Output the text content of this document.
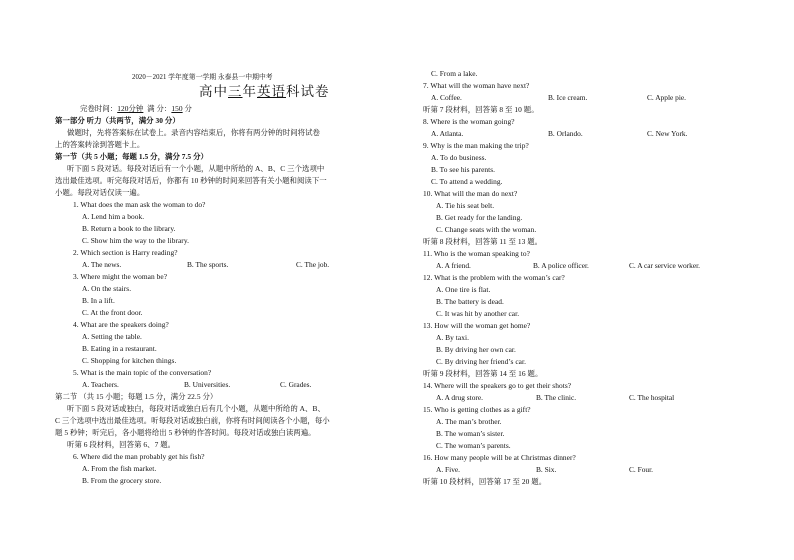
2020－2021 学年度第一学期 永泰县一中期中考
高中三年英语科试卷
完卷时间：120分钟 满 分：150 分
第一部分 听力（共两节，满分 30 分）
做题时，先将答案标在试卷上。录音内容结束后，你将有两分钟的时间将试卷
上的答案转涂到答题卡上。
第一节（共 5 小题；每题 1.5 分，满分 7.5 分）
听下面 5 段对话。每段对话后有一个小题，从题中所给的 A、B、C 三个选项中
选出最佳选项。听完每段对话后，你都有 10 秒钟的时间来回答有关小题和阅读下一
小题。每段对话仅读一遍。
1. What does the man ask the woman to do?
A. Lend him a book.
B. Return a book to the library.
C. Show him the way to the library.
2. Which section is Harry reading?
A. The news.	B. The sports.	C. The job.
3. Where might the woman be?
A. On the stairs.
B. In a lift.
C. At the front door.
4. What are the speakers doing?
A. Setting the table.
B. Eating in a restaurant.
C. Shopping for kitchen things.
5. What is the main topic of the conversation?
A. Teachers.	B. Universities.	C. Grades.
第二节 （共 15 小题；每题 1.5 分，满分 22.5 分）
听下面 5 段对话或独白，每段对话或独白后有几个小题，从题中所给的 A、B、
C 三个选项中选出最佳选项。听每段对话或独白前，你将有时间阅读各个小题，每小
题 5 秒钟；听完后，各小题将给出 5 秒钟的作答时间。每段对话或独白读两遍。
听第 6 段材料，回答第 6、7 题。
6. Where did the man probably get his fish?
A. From the fish market.
B. From the grocery store.
C. From a lake.
7. What will the woman have next?
A. Coffee.	B. Ice cream.	C. Apple pie.
听第 7 段材料，回答第 8 至 10 题。
8. Where is the woman going?
A. Atlanta.	B. Orlando.	C. New York.
9. Why is the man making the trip?
A. To do business.
B. To see his parents.
C. To attend a wedding.
10. What will the man do next?
A. Tie his seat belt.
B. Get ready for the landing.
C. Change seats with the woman.
听第 8 段材料，回答第 11 至 13 题。
11. Who is the woman speaking to?
A. A friend.	B. A police officer.	C. A car service worker.
12. What is the problem with the woman’s car?
A. One tire is flat.
B. The battery is dead.
C. It was hit by another car.
13. How will the woman get home?
A. By taxi.
B. By driving her own car.
C. By driving her friend’s car.
听第 9 段材料，回答第 14 至 16 题。
14. Where will the speakers go to get their shots?
A. A drug store.	B. The clinic.	C. The hospital
15. Who is getting clothes as a gift?
A. The man’s brother.
B. The woman’s sister.
C. The woman’s parents.
16. How many people will be at Christmas dinner?
A. Five.	B. Six.	C. Four.
听第 10 段材料，回答第 17 至 20 题。
